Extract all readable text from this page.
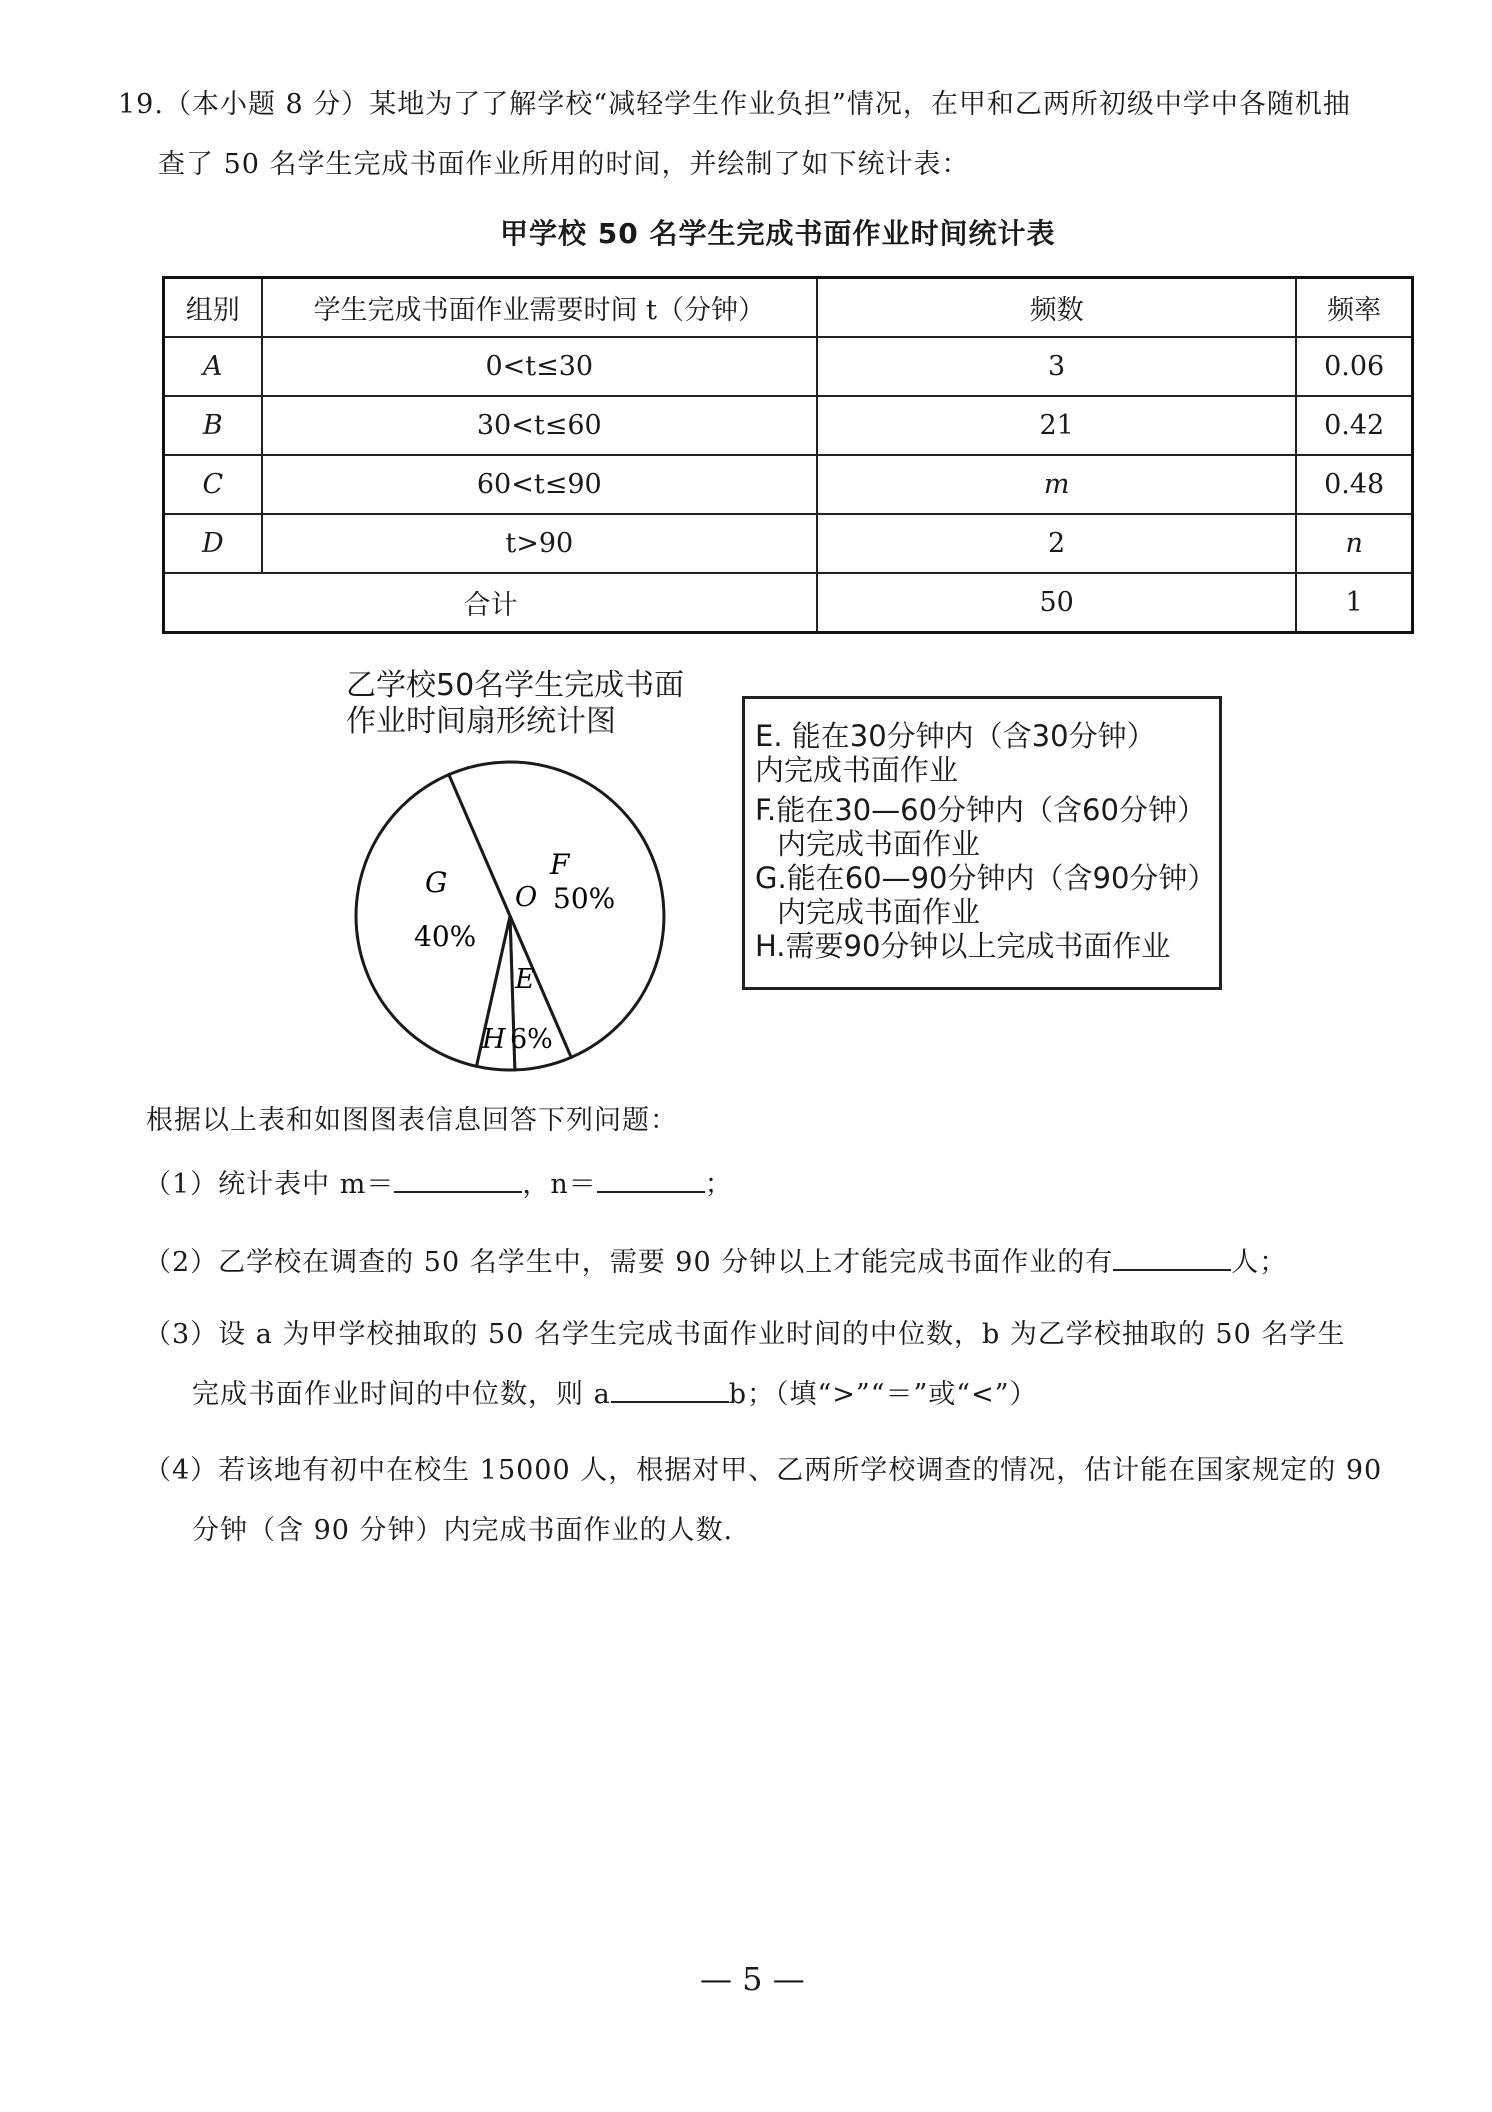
19.（本小题 8 分）某地为了了解学校“减轻学生作业负担”情况，在甲和乙两所初级中学中各随机抽
查了 50 名学生完成书面作业所用的时间，并绘制了如下统计表：
甲学校 50 名学生完成书面作业时间统计表
组别	学生完成书面作业需要时间 t（分钟）	频数	频率
A	0<t≤30	3	0.06
B	30<t≤60	21	0.42
C	60<t≤90	m	0.48
D	t>90	2	n
合计		50	1
乙学校50名学生完成书面
作业时间扇形统计图
F
50%
G
40%
O
E
6%
H
E. 能在30分钟内（含30分钟）
内完成书面作业
F.能在30—60分钟内（含60分钟）
内完成书面作业
G.能在60—90分钟内（含90分钟）
内完成书面作业
H.需要90分钟以上完成书面作业
根据以上表和如图图表信息回答下列问题：
（1）统计表中 m＝	，n＝	；
（2）乙学校在调查的 50 名学生中，需要 90 分钟以上才能完成书面作业的有	人；
（3）设 a 为甲学校抽取的 50 名学生完成书面作业时间的中位数，b 为乙学校抽取的 50 名学生
完成书面作业时间的中位数，则 a	b；（填“>”“＝”或“<”）
（4）若该地有初中在校生 15000 人，根据对甲、乙两所学校调查的情况，估计能在国家规定的 90
分钟（含 90 分钟）内完成书面作业的人数.
— 5 —
